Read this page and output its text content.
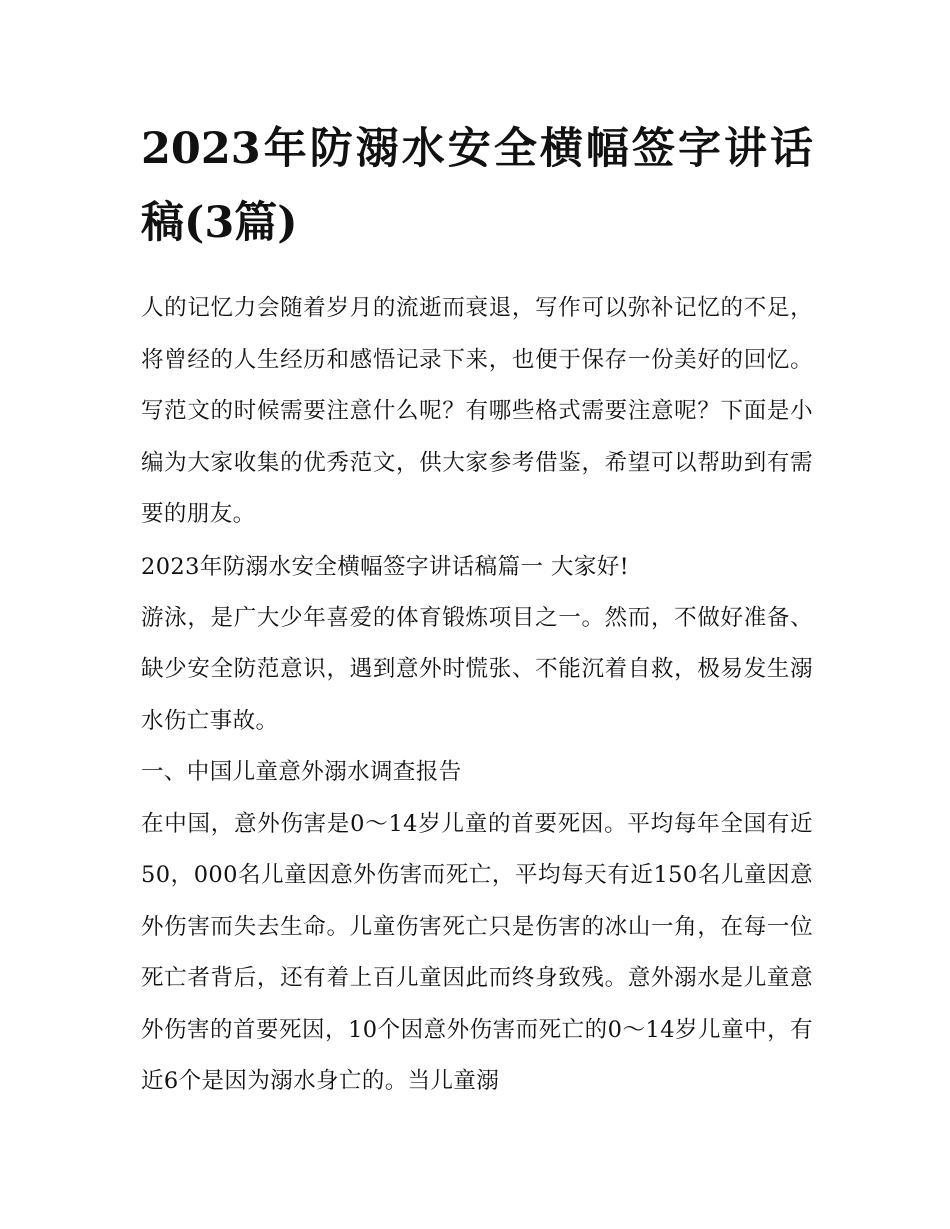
2023年防溺水安全横幅签字讲话稿(3篇)

人的记忆力会随着岁月的流逝而衰退，写作可以弥补记忆的不足，将曾经的人生经历和感悟记录下来，也便于保存一份美好的回忆。写范文的时候需要注意什么呢？有哪些格式需要注意呢？下面是小编为大家收集的优秀范文，供大家参考借鉴，希望可以帮助到有需要的朋友。

2023年防溺水安全横幅签字讲话稿篇一 大家好!

游泳，是广大少年喜爱的体育锻炼项目之一。然而，不做好准备、缺少安全防范意识，遇到意外时慌张、不能沉着自救，极易发生溺水伤亡事故。

一、中国儿童意外溺水调查报告

在中国，意外伤害是0～14岁儿童的首要死因。平均每年全国有近50，000名儿童因意外伤害而死亡，平均每天有近150名儿童因意外伤害而失去生命。儿童伤害死亡只是伤害的冰山一角，在每一位死亡者背后，还有着上百儿童因此而终身致残。意外溺水是儿童意外伤害的首要死因，10个因意外伤害而死亡的0～14岁儿童中，有近6个是因为溺水身亡的。当儿童溺
